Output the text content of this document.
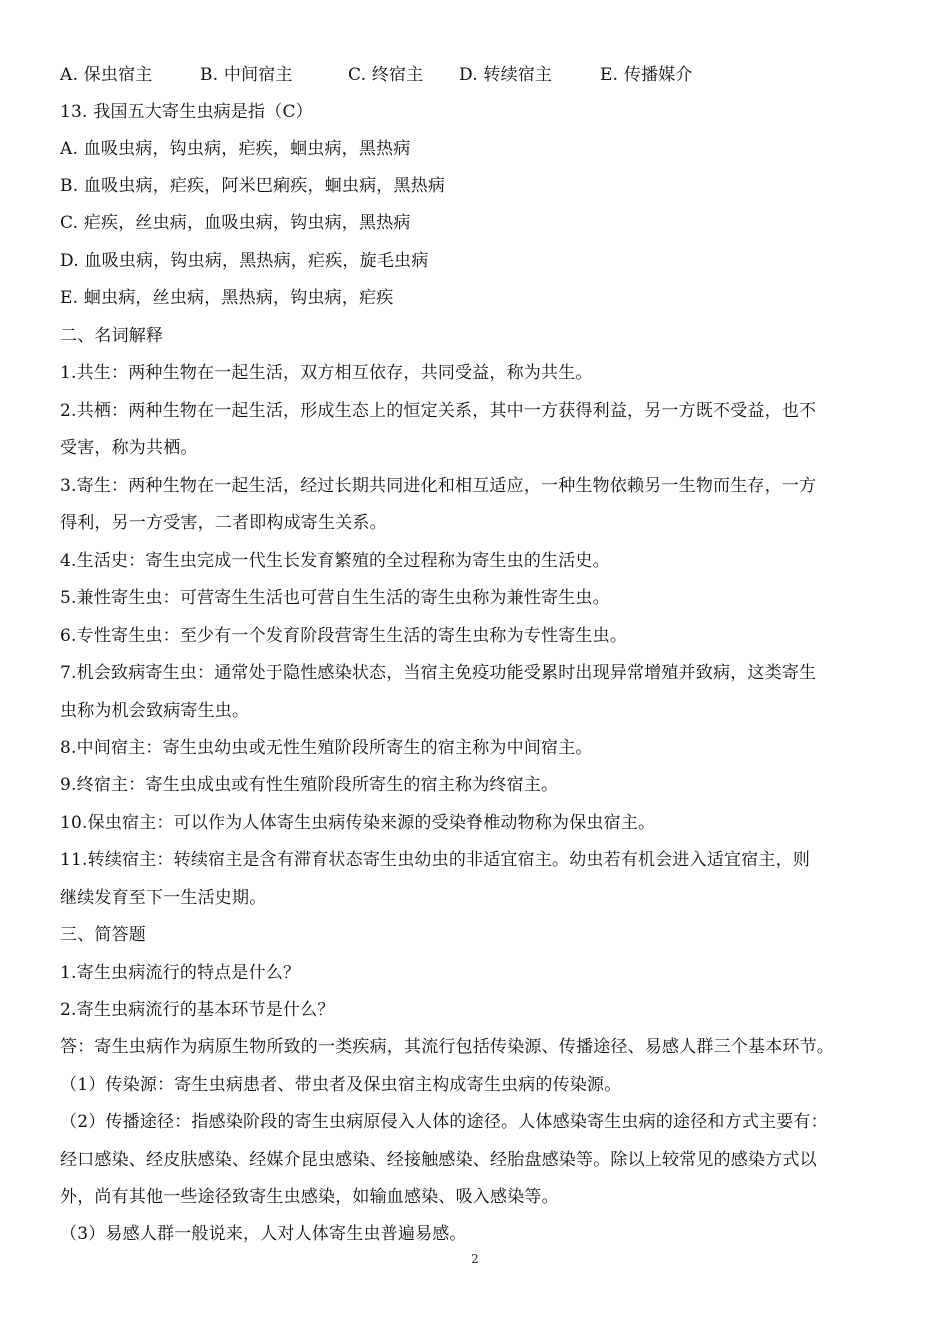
A. 保虫宿主	B. 中间宿主	C. 终宿主 D. 转续宿主	E. 传播媒介
13. 我国五大寄生虫病是指（C）
A. 血吸虫病，钩虫病，疟疾，蛔虫病，黑热病
B. 血吸虫病，疟疾，阿米巴痢疾，蛔虫病，黑热病
C. 疟疾，丝虫病，血吸虫病，钩虫病，黑热病
D. 血吸虫病，钩虫病，黑热病，疟疾，旋毛虫病
E. 蛔虫病，丝虫病，黑热病，钩虫病，疟疾
二、名词解释
1.共生：两种生物在一起生活，双方相互依存，共同受益，称为共生。
2.共栖：两种生物在一起生活，形成生态上的恒定关系，其中一方获得利益，另一方既不受益，也不
受害，称为共栖。
3.寄生：两种生物在一起生活，经过长期共同进化和相互适应，一种生物依赖另一生物而生存，一方
得利，另一方受害，二者即构成寄生关系。
4.生活史：寄生虫完成一代生长发育繁殖的全过程称为寄生虫的生活史。
5.兼性寄生虫：可营寄生生活也可营自生生活的寄生虫称为兼性寄生虫。
6.专性寄生虫：至少有一个发育阶段营寄生生活的寄生虫称为专性寄生虫。
7.机会致病寄生虫：通常处于隐性感染状态，当宿主免疫功能受累时出现异常增殖并致病，这类寄生
虫称为机会致病寄生虫。
8.中间宿主：寄生虫幼虫或无性生殖阶段所寄生的宿主称为中间宿主。
9.终宿主：寄生虫成虫或有性生殖阶段所寄生的宿主称为终宿主。
10.保虫宿主：可以作为人体寄生虫病传染来源的受染脊椎动物称为保虫宿主。
11.转续宿主：转续宿主是含有滞育状态寄生虫幼虫的非适宜宿主。幼虫若有机会进入适宜宿主，则
继续发育至下一生活史期。
三、简答题
1.寄生虫病流行的特点是什么？
2.寄生虫病流行的基本环节是什么？
答：寄生虫病作为病原生物所致的一类疾病，其流行包括传染源、传播途径、易感人群三个基本环节。
（1）传染源：寄生虫病患者、带虫者及保虫宿主构成寄生虫病的传染源。
（2）传播途径：指感染阶段的寄生虫病原侵入人体的途径。人体感染寄生虫病的途径和方式主要有：
经口感染、经皮肤感染、经媒介昆虫感染、经接触感染、经胎盘感染等。除以上较常见的感染方式以
外，尚有其他一些途径致寄生虫感染，如输血感染、吸入感染等。
（3）易感人群一般说来，人对人体寄生虫普遍易感。
2
